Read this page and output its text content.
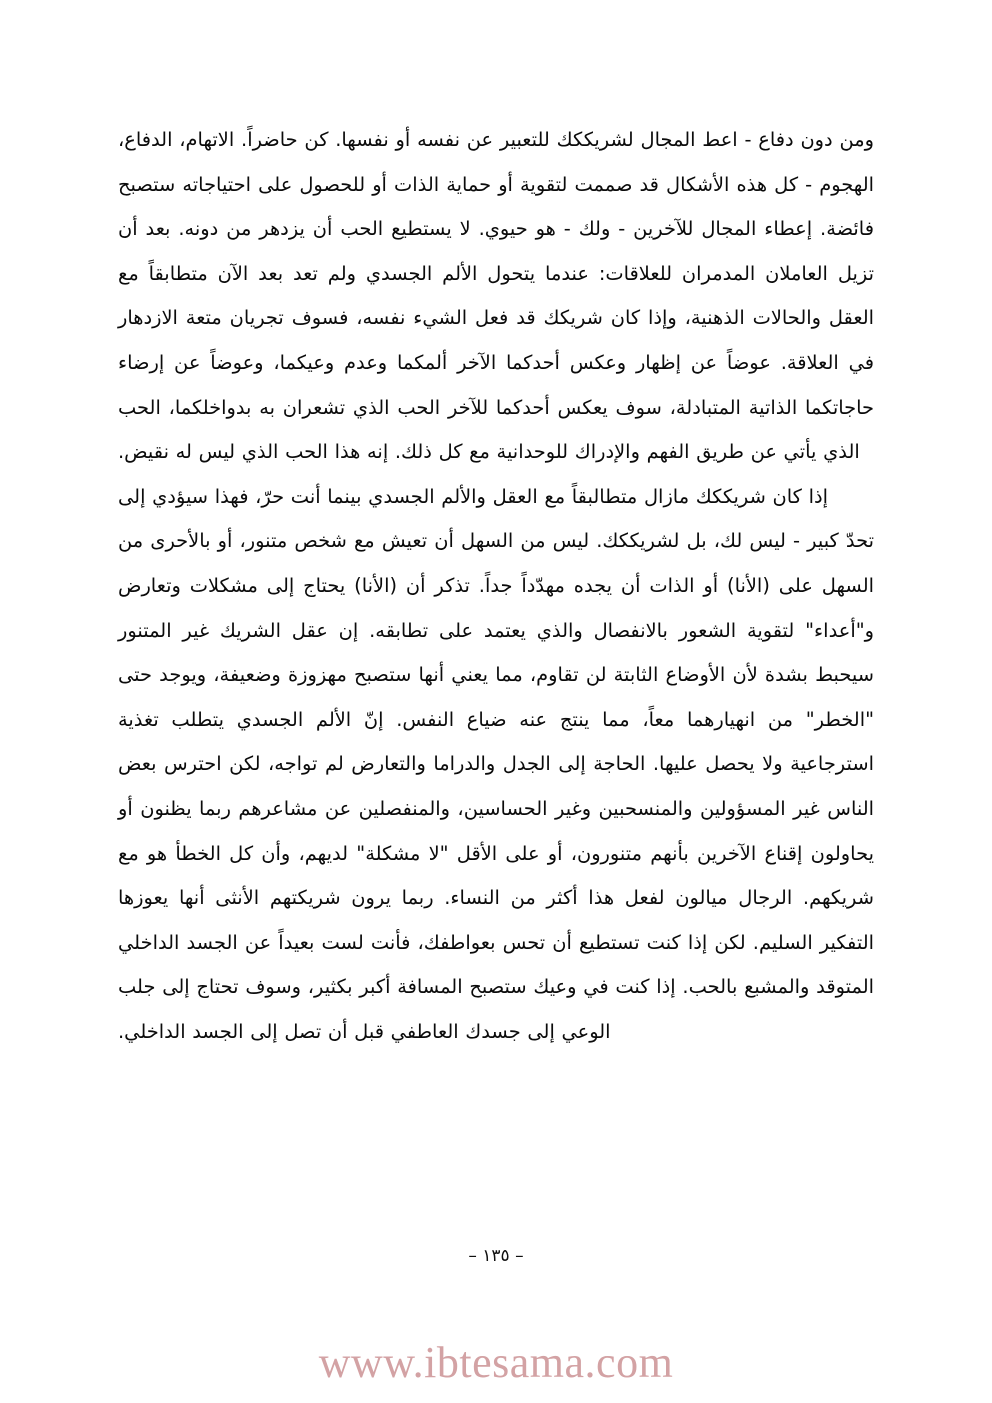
ومن دون دفاع - اعط المجال لشريككك للتعبير عن نفسه أو نفسها. كن حاضراً. الاتهام، الدفاع، الهجوم - كل هذه الأشكال قد صممت لتقوية أو حماية الذات أو للحصول على احتياجاته ستصبح فائضة. إعطاء المجال للآخرين - ولك - هو حيوي. لا يستطيع الحب أن يزدهر من دونه. بعد أن تزيل العاملان المدمران للعلاقات: عندما يتحول الألم الجسدي ولم تعد بعد الآن متطابقاً مع العقل والحالات الذهنية، وإذا كان شريكك قد فعل الشيء نفسه، فسوف تجريان متعة الازدهار في العلاقة. عوضاً عن إظهار وعكس أحدكما الآخر ألمكما وعدم وعيكما، وعوضاً عن إرضاء حاجاتكما الذاتية المتبادلة، سوف يعكس أحدكما للآخر الحب الذي تشعران به بدواخلكما، الحب الذي يأتي عن طريق الفهم والإدراك للوحدانية مع كل ذلك. إنه هذا الحب الذي ليس له نقيض.

إذا كان شريككك مازال متطالبقاً مع العقل والألم الجسدي بينما أنت حرّ، فهذا سيؤدي إلى تحدّ كبير - ليس لك، بل لشريككك. ليس من السهل أن تعيش مع شخص متنور، أو بالأحرى من السهل على (الأنا) أو الذات أن يجده مهدّداً جداً. تذكر أن (الأنا) يحتاج إلى مشكلات وتعارض و"أعداء" لتقوية الشعور بالانفصال والذي يعتمد على تطابقه. إن عقل الشريك غير المتنور سيحبط بشدة لأن الأوضاع الثابتة لن تقاوم، مما يعني أنها ستصبح مهزوزة وضعيفة، ويوجد حتى "الخطر" من انهيارهما معاً، مما ينتج عنه ضياع النفس. إنّ الألم الجسدي يتطلب تغذية استرجاعية ولا يحصل عليها. الحاجة إلى الجدل والدراما والتعارض لم تواجه، لكن احترس بعض الناس غير المسؤولين والمنسحبين وغير الحساسين، والمنفصلين عن مشاعرهم ربما يظنون أو يحاولون إقناع الآخرين بأنهم متنورون، أو على الأقل "لا مشكلة" لديهم، وأن كل الخطأ هو مع شريكهم. الرجال ميالون لفعل هذا أكثر من النساء. ربما يرون شريكتهم الأنثى أنها يعوزها التفكير السليم. لكن إذا كنت تستطيع أن تحس بعواطفك، فأنت لست بعيداً عن الجسد الداخلي المتوقد والمشبع بالحب. إذا كنت في وعيك ستصبح المسافة أكبر بكثير، وسوف تحتاج إلى جلب الوعي إلى جسدك العاطفي قبل أن تصل إلى الجسد الداخلي.

– ١٣٥ –
www.ibtesama.com
